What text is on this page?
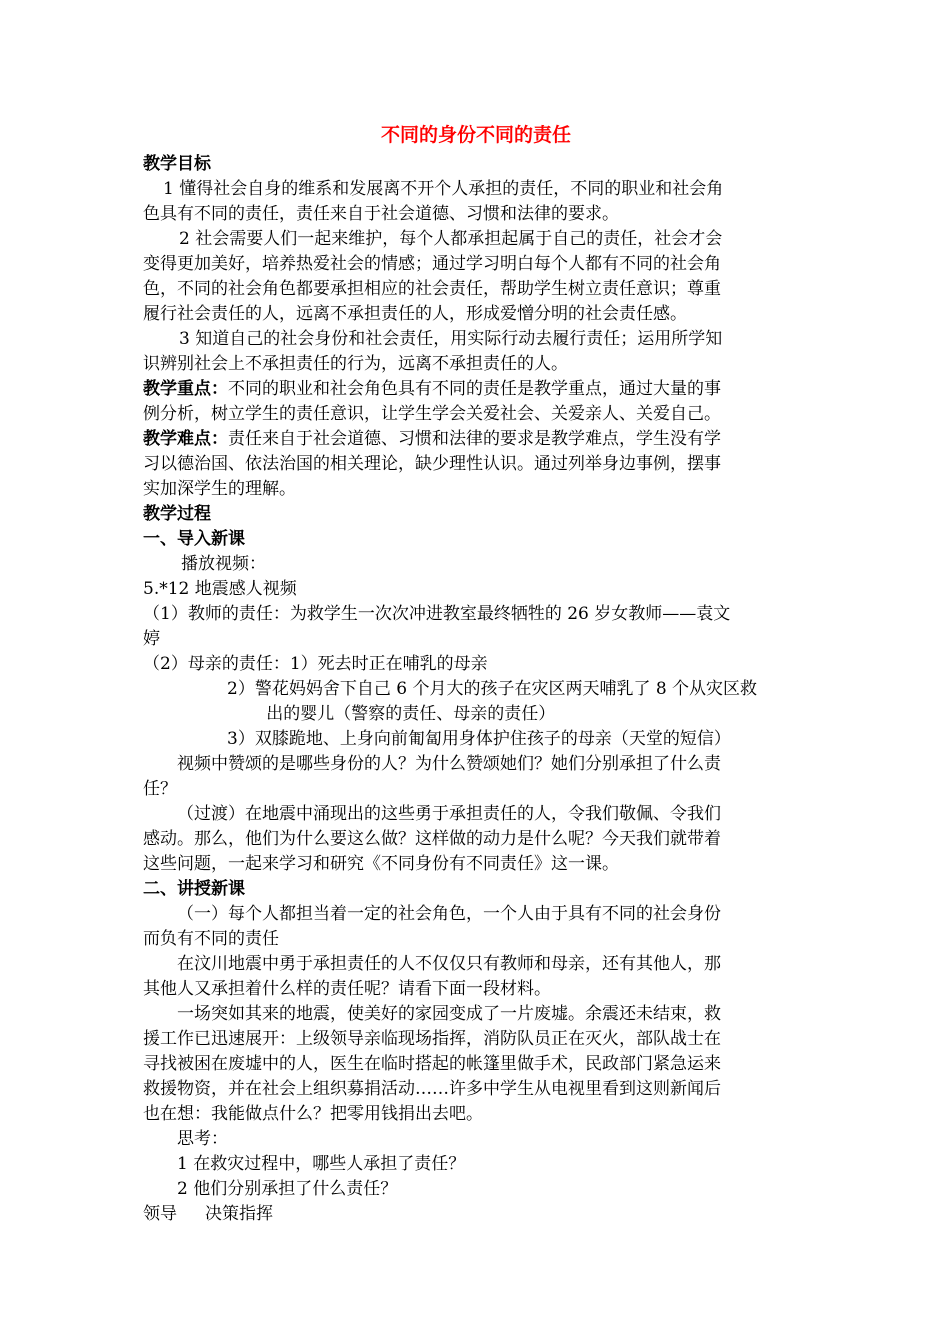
不同的身份不同的责任
教学目标
1 懂得社会自身的维系和发展离不开个人承担的责任，不同的职业和社会角
色具有不同的责任，责任来自于社会道德、习惯和法律的要求。
2 社会需要人们一起来维护，每个人都承担起属于自己的责任，社会才会
变得更加美好，培养热爱社会的情感；通过学习明白每个人都有不同的社会角
色，不同的社会角色都要承担相应的社会责任，帮助学生树立责任意识；尊重
履行社会责任的人，远离不承担责任的人，形成爱憎分明的社会责任感。
3 知道自己的社会身份和社会责任，用实际行动去履行责任；运用所学知
识辨别社会上不承担责任的行为，远离不承担责任的人。
教学重点：不同的职业和社会角色具有不同的责任是教学重点，通过大量的事
例分析，树立学生的责任意识，让学生学会关爱社会、关爱亲人、关爱自己。
教学难点：责任来自于社会道德、习惯和法律的要求是教学难点，学生没有学
习以德治国、依法治国的相关理论，缺少理性认识。通过列举身边事例，摆事
实加深学生的理解。
教学过程
一、导入新课
播放视频：
5.*12 地震感人视频
（1）教师的责任：为救学生一次次冲进教室最终牺牲的 26 岁女教师——袁文
婷
（2）母亲的责任：1）死去时正在哺乳的母亲
2）警花妈妈舍下自己 6 个月大的孩子在灾区两天哺乳了 8 个从灾区救
出的婴儿（警察的责任、母亲的责任）
3）双膝跪地、上身向前匍匐用身体护住孩子的母亲（天堂的短信）
视频中赞颂的是哪些身份的人？为什么赞颂她们？她们分别承担了什么责
任？
（过渡）在地震中涌现出的这些勇于承担责任的人，令我们敬佩、令我们
感动。那么，他们为什么要这么做？这样做的动力是什么呢？今天我们就带着
这些问题，一起来学习和研究《不同身份有不同责任》这一课。
二、讲授新课
（一）每个人都担当着一定的社会角色，一个人由于具有不同的社会身份
而负有不同的责任
在汶川地震中勇于承担责任的人不仅仅只有教师和母亲，还有其他人，那
其他人又承担着什么样的责任呢？请看下面一段材料。
一场突如其来的地震，使美好的家园变成了一片废墟。余震还未结束，救
援工作已迅速展开：上级领导亲临现场指挥，消防队员正在灭火，部队战士在
寻找被困在废墟中的人，医生在临时搭起的帐篷里做手术，民政部门紧急运来
救援物资，并在社会上组织募捐活动……许多中学生从电视里看到这则新闻后
也在想：我能做点什么？把零用钱捐出去吧。
思考：
1 在救灾过程中，哪些人承担了责任？
2 他们分别承担了什么责任？
领导 决策指挥
